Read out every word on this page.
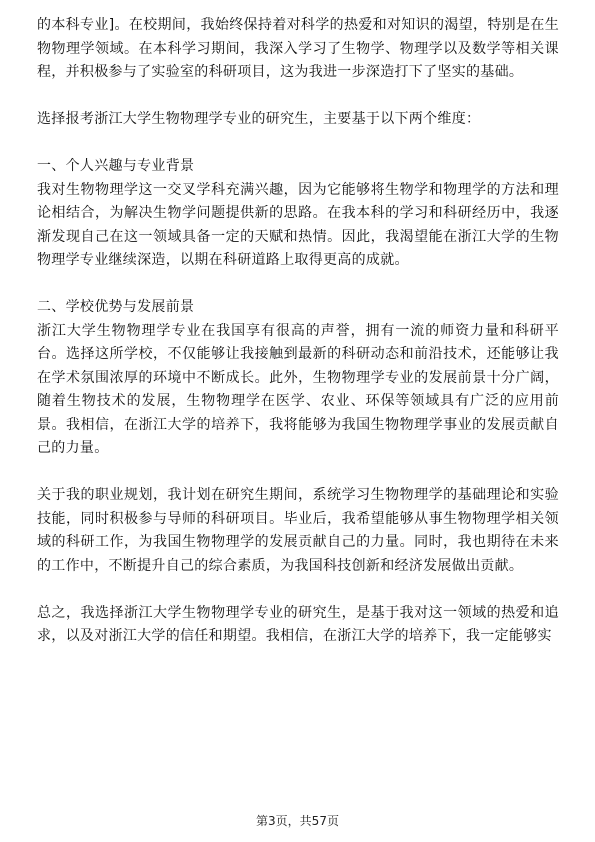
的本科专业]。在校期间，我始终保持着对科学的热爱和对知识的渴望，特别是在生物物理学领域。在本科学习期间，我深入学习了生物学、物理学以及数学等相关课程，并积极参与了实验室的科研项目，这为我进一步深造打下了坚实的基础。

选择报考浙江大学生物物理学专业的研究生，主要基于以下两个维度：

一、个人兴趣与专业背景

我对生物物理学这一交叉学科充满兴趣，因为它能够将生物学和物理学的方法和理论相结合，为解决生物学问题提供新的思路。在我本科的学习和科研经历中，我逐渐发现自己在这一领域具备一定的天赋和热情。因此，我渴望能在浙江大学的生物物理学专业继续深造，以期在科研道路上取得更高的成就。

二、学校优势与发展前景

浙江大学生物物理学专业在我国享有很高的声誉，拥有一流的师资力量和科研平台。选择这所学校，不仅能够让我接触到最新的科研动态和前沿技术，还能够让我在学术氛围浓厚的环境中不断成长。此外，生物物理学专业的发展前景十分广阔，随着生物技术的发展，生物物理学在医学、农业、环保等领域具有广泛的应用前景。我相信，在浙江大学的培养下，我将能够为我国生物物理学事业的发展贡献自己的力量。

关于我的职业规划，我计划在研究生期间，系统学习生物物理学的基础理论和实验技能，同时积极参与导师的科研项目。毕业后，我希望能够从事生物物理学相关领域的科研工作，为我国生物物理学的发展贡献自己的力量。同时，我也期待在未来的工作中，不断提升自己的综合素质，为我国科技创新和经济发展做出贡献。

总之，我选择浙江大学生物物理学专业的研究生，是基于我对这一领域的热爱和追求，以及对浙江大学的信任和期望。我相信，在浙江大学的培养下，我一定能够实

第3页，共57页
